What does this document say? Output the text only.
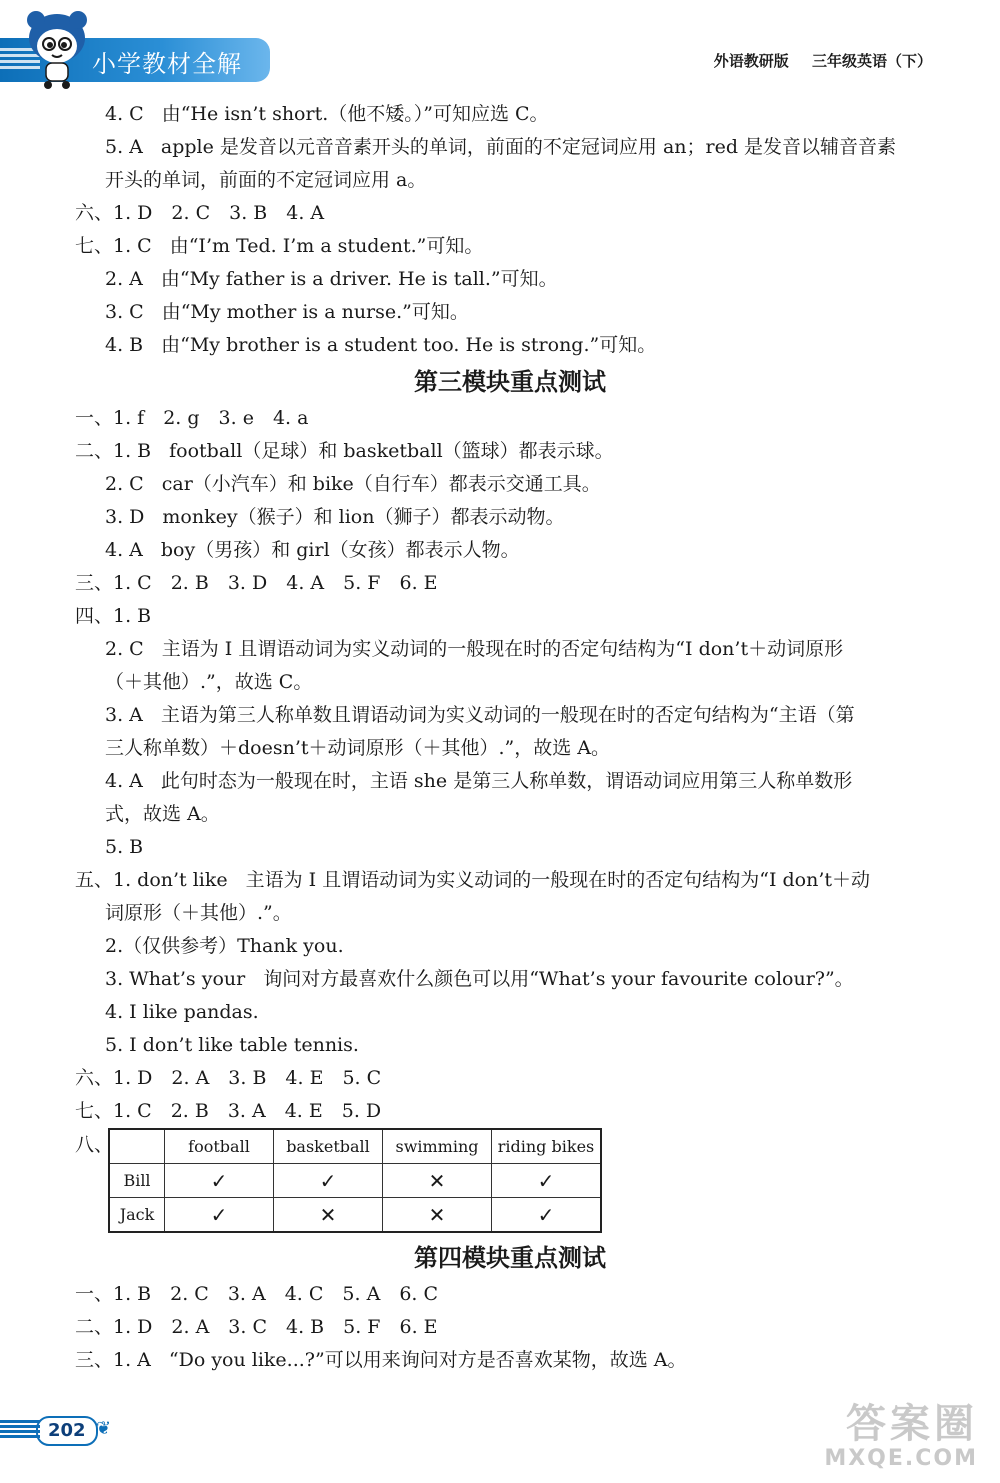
小学教材全解	外语教研版 三年级英语（下）
4. C 由“He isn’t short.（他不矮。）”可知应选 C。
5. A apple 是发音以元音音素开头的单词，前面的不定冠词应用 an；red 是发音以辅音音素
开头的单词，前面的不定冠词应用 a。
六、1. D　2. C　3. B　4. A
七、1. C 由“I’m Ted. I’m a student.”可知。
2. A 由“My father is a driver. He is tall.”可知。
3. C 由“My mother is a nurse.”可知。
4. B 由“My brother is a student too. He is strong.”可知。
第三模块重点测试
一、1. f　2. g　3. e　4. a
二、1. B football（足球）和 basketball（篮球）都表示球。
2. C car（小汽车）和 bike（自行车）都表示交通工具。
3. D monkey（猴子）和 lion（狮子）都表示动物。
4. A boy（男孩）和 girl（女孩）都表示人物。
三、1. C　2. B　3. D　4. A　5. F　6. E
四、1. B
2. C 主语为 I 且谓语动词为实义动词的一般现在时的否定句结构为“I don’t＋动词原形
（＋其他）.”，故选 C。
3. A 主语为第三人称单数且谓语动词为实义动词的一般现在时的否定句结构为“主语（第
三人称单数）＋doesn’t＋动词原形（＋其他）.”，故选 A。
4. A 此句时态为一般现在时，主语 she 是第三人称单数，谓语动词应用第三人称单数形
式，故选 A。
5. B
五、1. don’t like 主语为 I 且谓语动词为实义动词的一般现在时的否定句结构为“I don’t＋动
词原形（＋其他）.”。
2.（仅供参考）Thank you.
3. What’s your 询问对方最喜欢什么颜色可以用“What’s your favourite colour?”。
4. I like pandas.
5. I don’t like table tennis.
六、1. D　2. A　3. B　4. E　5. C
七、1. C　2. B　3. A　4. E　5. D
八、
		football	basketball	swimming	riding bikes
Bill	✓	✓	✕	✓
Jack	✓	✕	✕	✓
第四模块重点测试
一、1. B　2. C　3. A　4. C　5. A　6. C
二、1. D　2. A　3. C　4. B　5. F　6. E
三、1. A “Do you like...?”可以用来询问对方是否喜欢某物，故选 A。
202 ❦	答案圈
MXQE.COM
